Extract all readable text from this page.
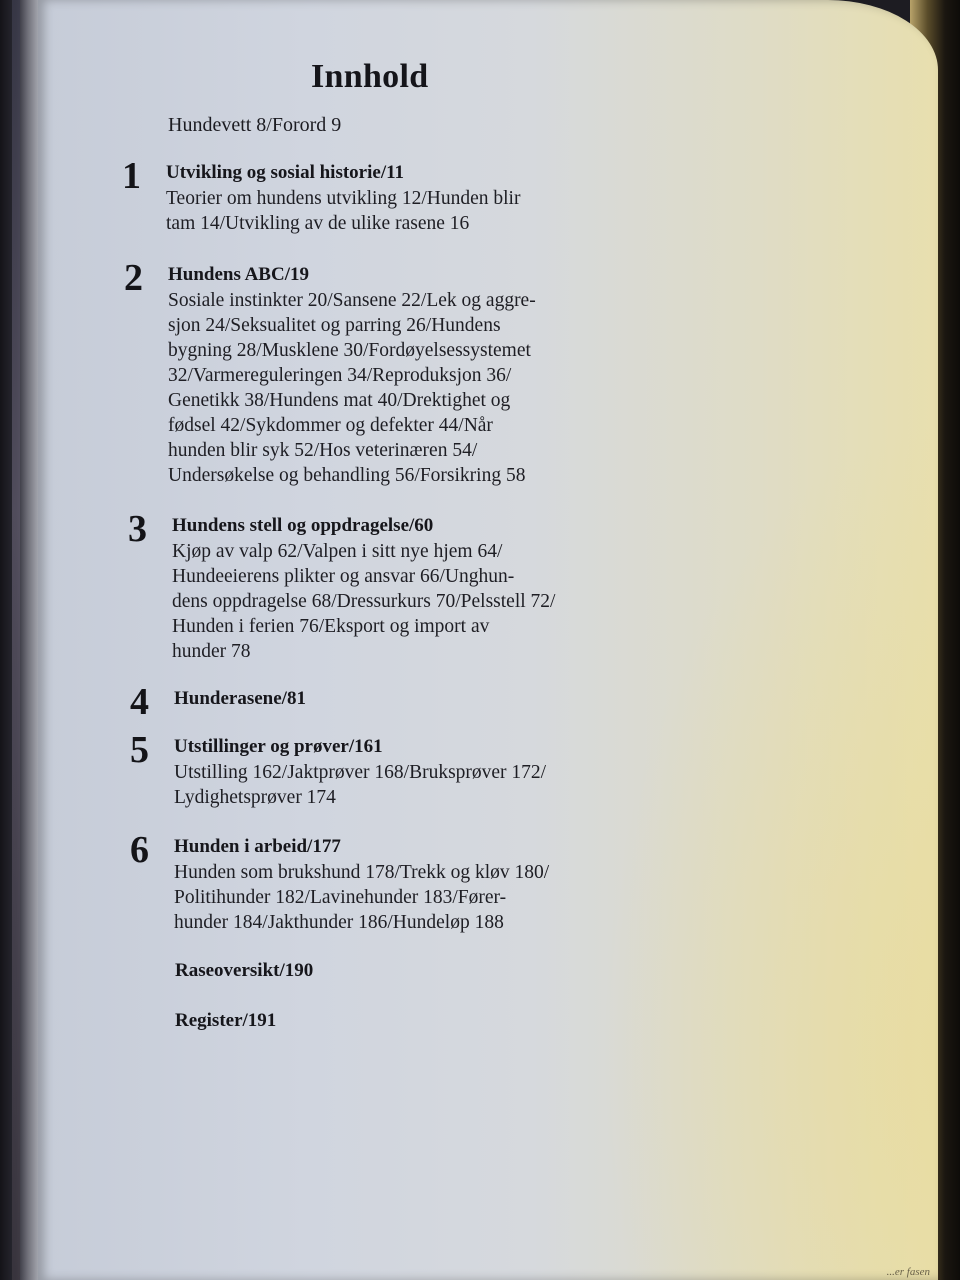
Innhold
Hundevett 8/Forord 9
1 Utvikling og sosial historie/11
Teorier om hundens utvikling 12/Hunden blir
tam 14/Utvikling av de ulike rasene 16
2 Hundens ABC/19
Sosiale instinkter 20/Sansene 22/Lek og aggre-
sjon 24/Seksualitet og parring 26/Hundens
bygning 28/Musklene 30/Fordøyelsessystemet
32/Varmereguleringen 34/Reproduksjon 36/
Genetikk 38/Hundens mat 40/Drektighet og
fødsel 42/Sykdommer og defekter 44/Når
hunden blir syk 52/Hos veterinæren 54/
Undersøkelse og behandling 56/Forsikring 58
3 Hundens stell og oppdragelse/60
Kjøp av valp 62/Valpen i sitt nye hjem 64/
Hundeeierens plikter og ansvar 66/Unghun-
dens oppdragelse 68/Dressurkurs 70/Pelsstell 72/
Hunden i ferien 76/Eksport og import av
hunder 78
4 Hunderasene/81
5 Utstillinger og prøver/161
Utstilling 162/Jaktprøver 168/Bruksprøver 172/
Lydighetsprøver 174
6 Hunden i arbeid/177
Hunden som brukshund 178/Trekk og kløv 180/
Politihunder 182/Lavinehunder 183/Fører-
hunder 184/Jakthunder 186/Hundeløp 188
Raseoversikt/190
Register/191
...er fasen
